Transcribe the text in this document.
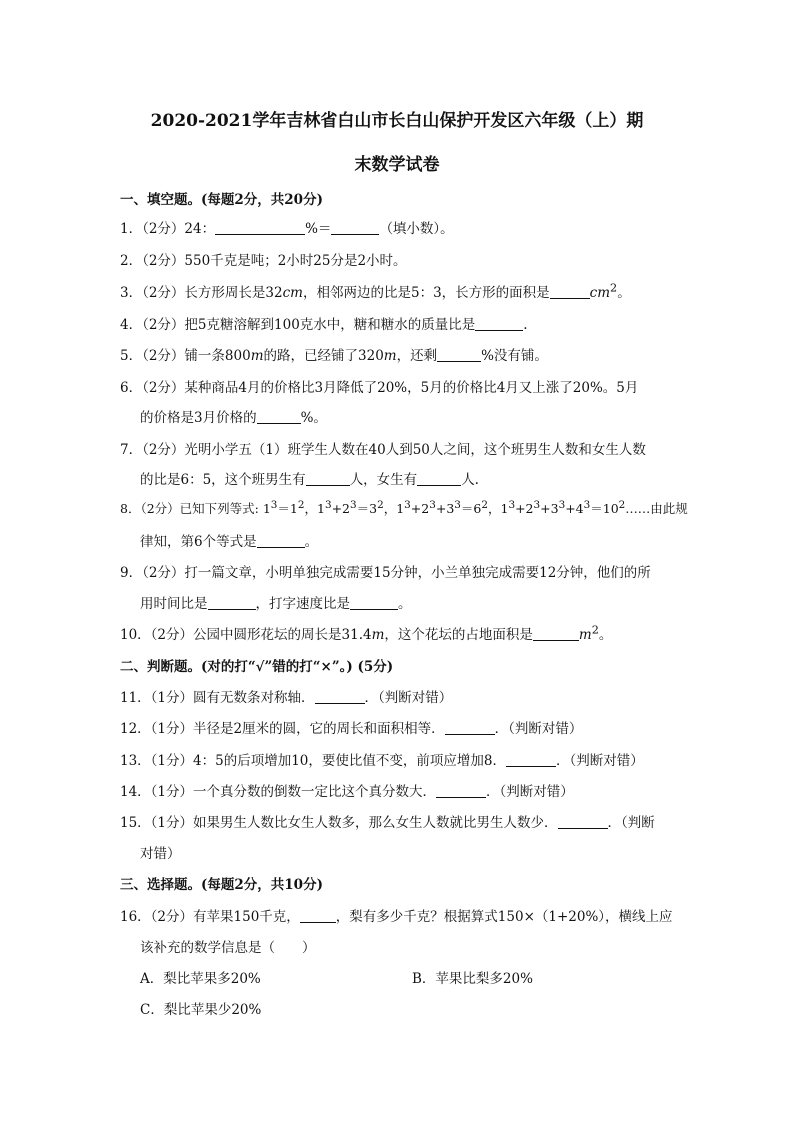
2020-2021学年吉林省白山市长白山保护开发区六年级（上）期
末数学试卷
一、填空题。(每题2分，共20分)
1．（2分）24：	%＝	（填小数）。
2．（2分）550千克是吨；2小时25分是2小时。
3．（2分）长方形周长是32cm，相邻两边的比是5：3，长方形的面积是	$cm^2$。
4．（2分）把5克糖溶解到100克水中，糖和糖水的质量比是	.
5．（2分）铺一条800m的路，已经铺了320m，还剩	%没有铺。
6．（2分）某种商品4月的价格比3月降低了20%，5月的价格比4月又上涨了20%。5月
的价格是3月价格的	%。
7．（2分）光明小学五（1）班学生人数在40人到50人之间，这个班男生人数和女生人数
的比是6：5，这个班男生有	人，女生有	人.
8．（2分）已知下列等式: $1^3=1^2$，$1^3+2^3=3^2$，$1^3+2^3+3^3=6^2$，$1^3+2^3+3^3+4^3=10^2\dots\dots$由此规
律知，第6个等式是	。
9．（2分）打一篇文章，小明单独完成需要15分钟，小兰单独完成需要12分钟，他们的所
用时间比是	，打字速度比是	。
10．（2分）公园中圆形花坛的周长是31.4m，这个花坛的占地面积是	$m^2$。
二、判断题。(对的打“√”错的打“×”。) (5分)
11．（1分）圆有无数条对称轴．	．（判断对错）
12．（1分）半径是2厘米的圆，它的周长和面积相等．	．（判断对错）
13．（1分）4：5的后项增加10，要使比值不变，前项应增加8．	．（判断对错）
14．（1分）一个真分数的倒数一定比这个真分数大．	．（判断对错）
15．（1分）如果男生人数比女生人数多，那么女生人数就比男生人数少．	．（判断
对错）
三、选择题。(每题2分，共10分)
16．（2分）有苹果150千克，	，梨有多少千克？根据算式150×（1+20%），横线上应
该补充的数学信息是（　　）
A．梨比苹果多20%	B．苹果比梨多20%
C．梨比苹果少20%
